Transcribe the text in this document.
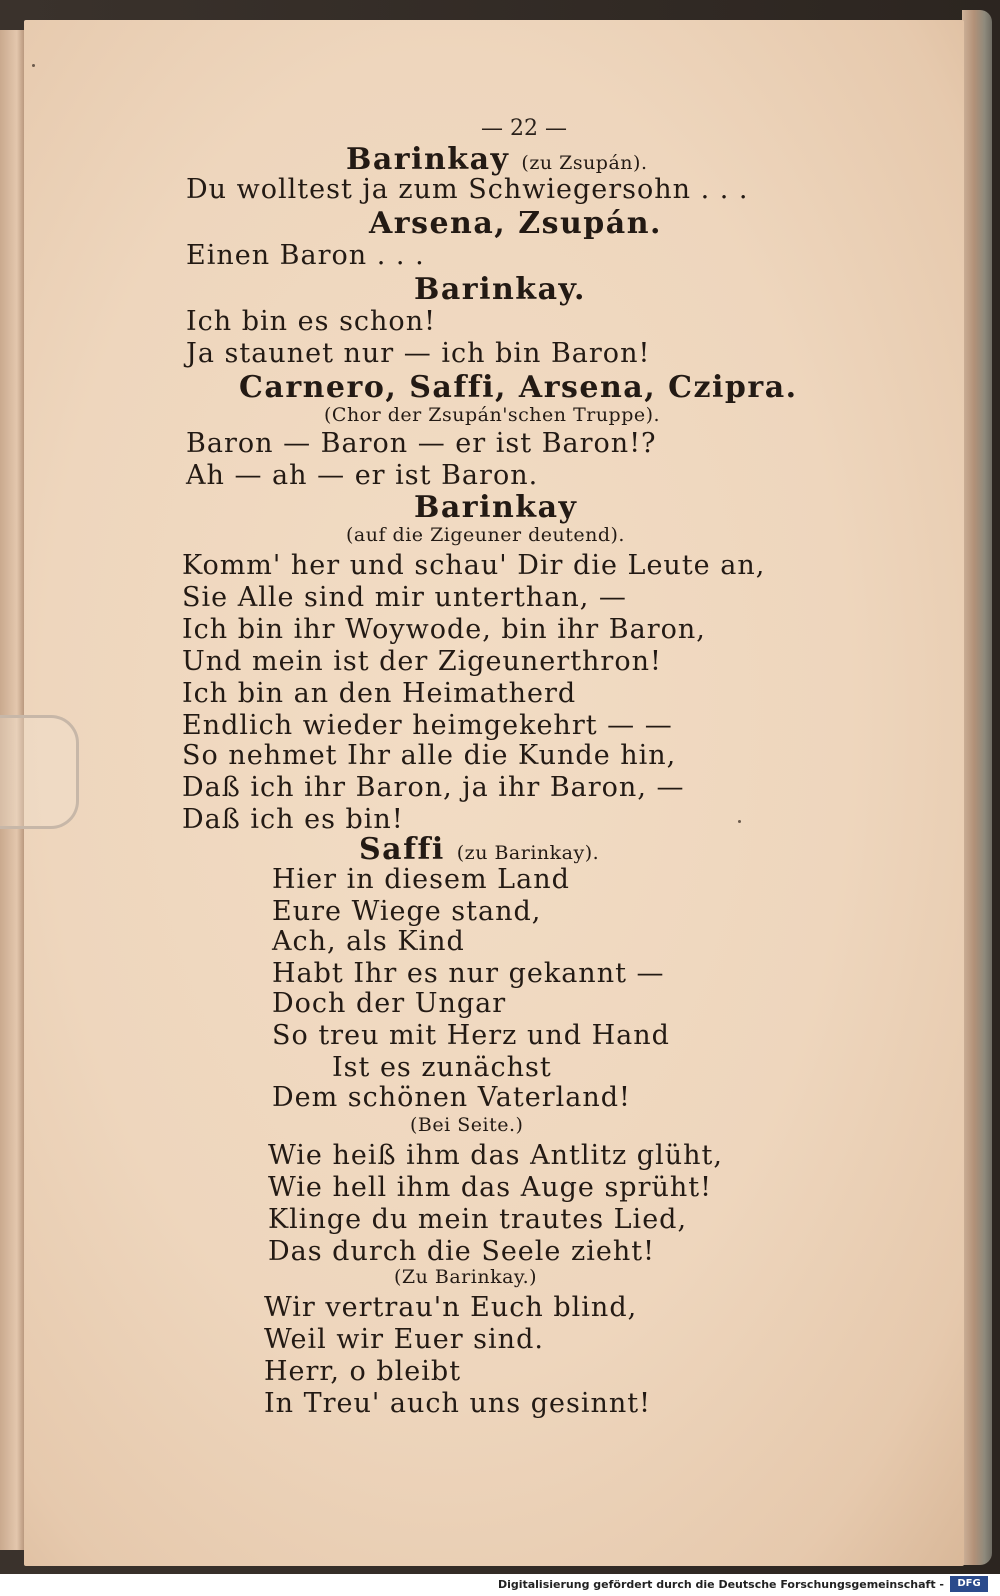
— 22 —
Barinkay (zu Zsupán).
Du wolltest ja zum Schwiegersohn . . .
Arsena, Zsupán.
Einen Baron . . .
Barinkay.
Ich bin es schon!
Ja staunet nur — ich bin Baron!
Carnero, Saffi, Arsena, Czipra.
(Chor der Zsupán'schen Truppe).
Baron — Baron — er ist Baron!?
Ah — ah — er ist Baron.
Barinkay
(auf die Zigeuner deutend).
Komm' her und schau' Dir die Leute an,
Sie Alle sind mir unterthan, —
Ich bin ihr Woywode, bin ihr Baron,
Und mein ist der Zigeunerthron!
Ich bin an den Heimatherd
Endlich wieder heimgekehrt — —
So nehmet Ihr alle die Kunde hin,
Daß ich ihr Baron, ja ihr Baron, —
Daß ich es bin!
Saffi (zu Barinkay).
Hier in diesem Land
Eure Wiege stand,
Ach, als Kind
Habt Ihr es nur gekannt —
Doch der Ungar
So treu mit Herz und Hand
Ist es zunächst
Dem schönen Vaterland!
(Bei Seite.)
Wie heiß ihm das Antlitz glüht,
Wie hell ihm das Auge sprüht!
Klinge du mein trautes Lied,
Das durch die Seele zieht!
(Zu Barinkay.)
Wir vertrau'n Euch blind,
Weil wir Euer sind.
Herr, o bleibt
In Treu' auch uns gesinnt!
Digitalisierung gefördert durch die Deutsche Forschungsgemeinschaft -	DFG
